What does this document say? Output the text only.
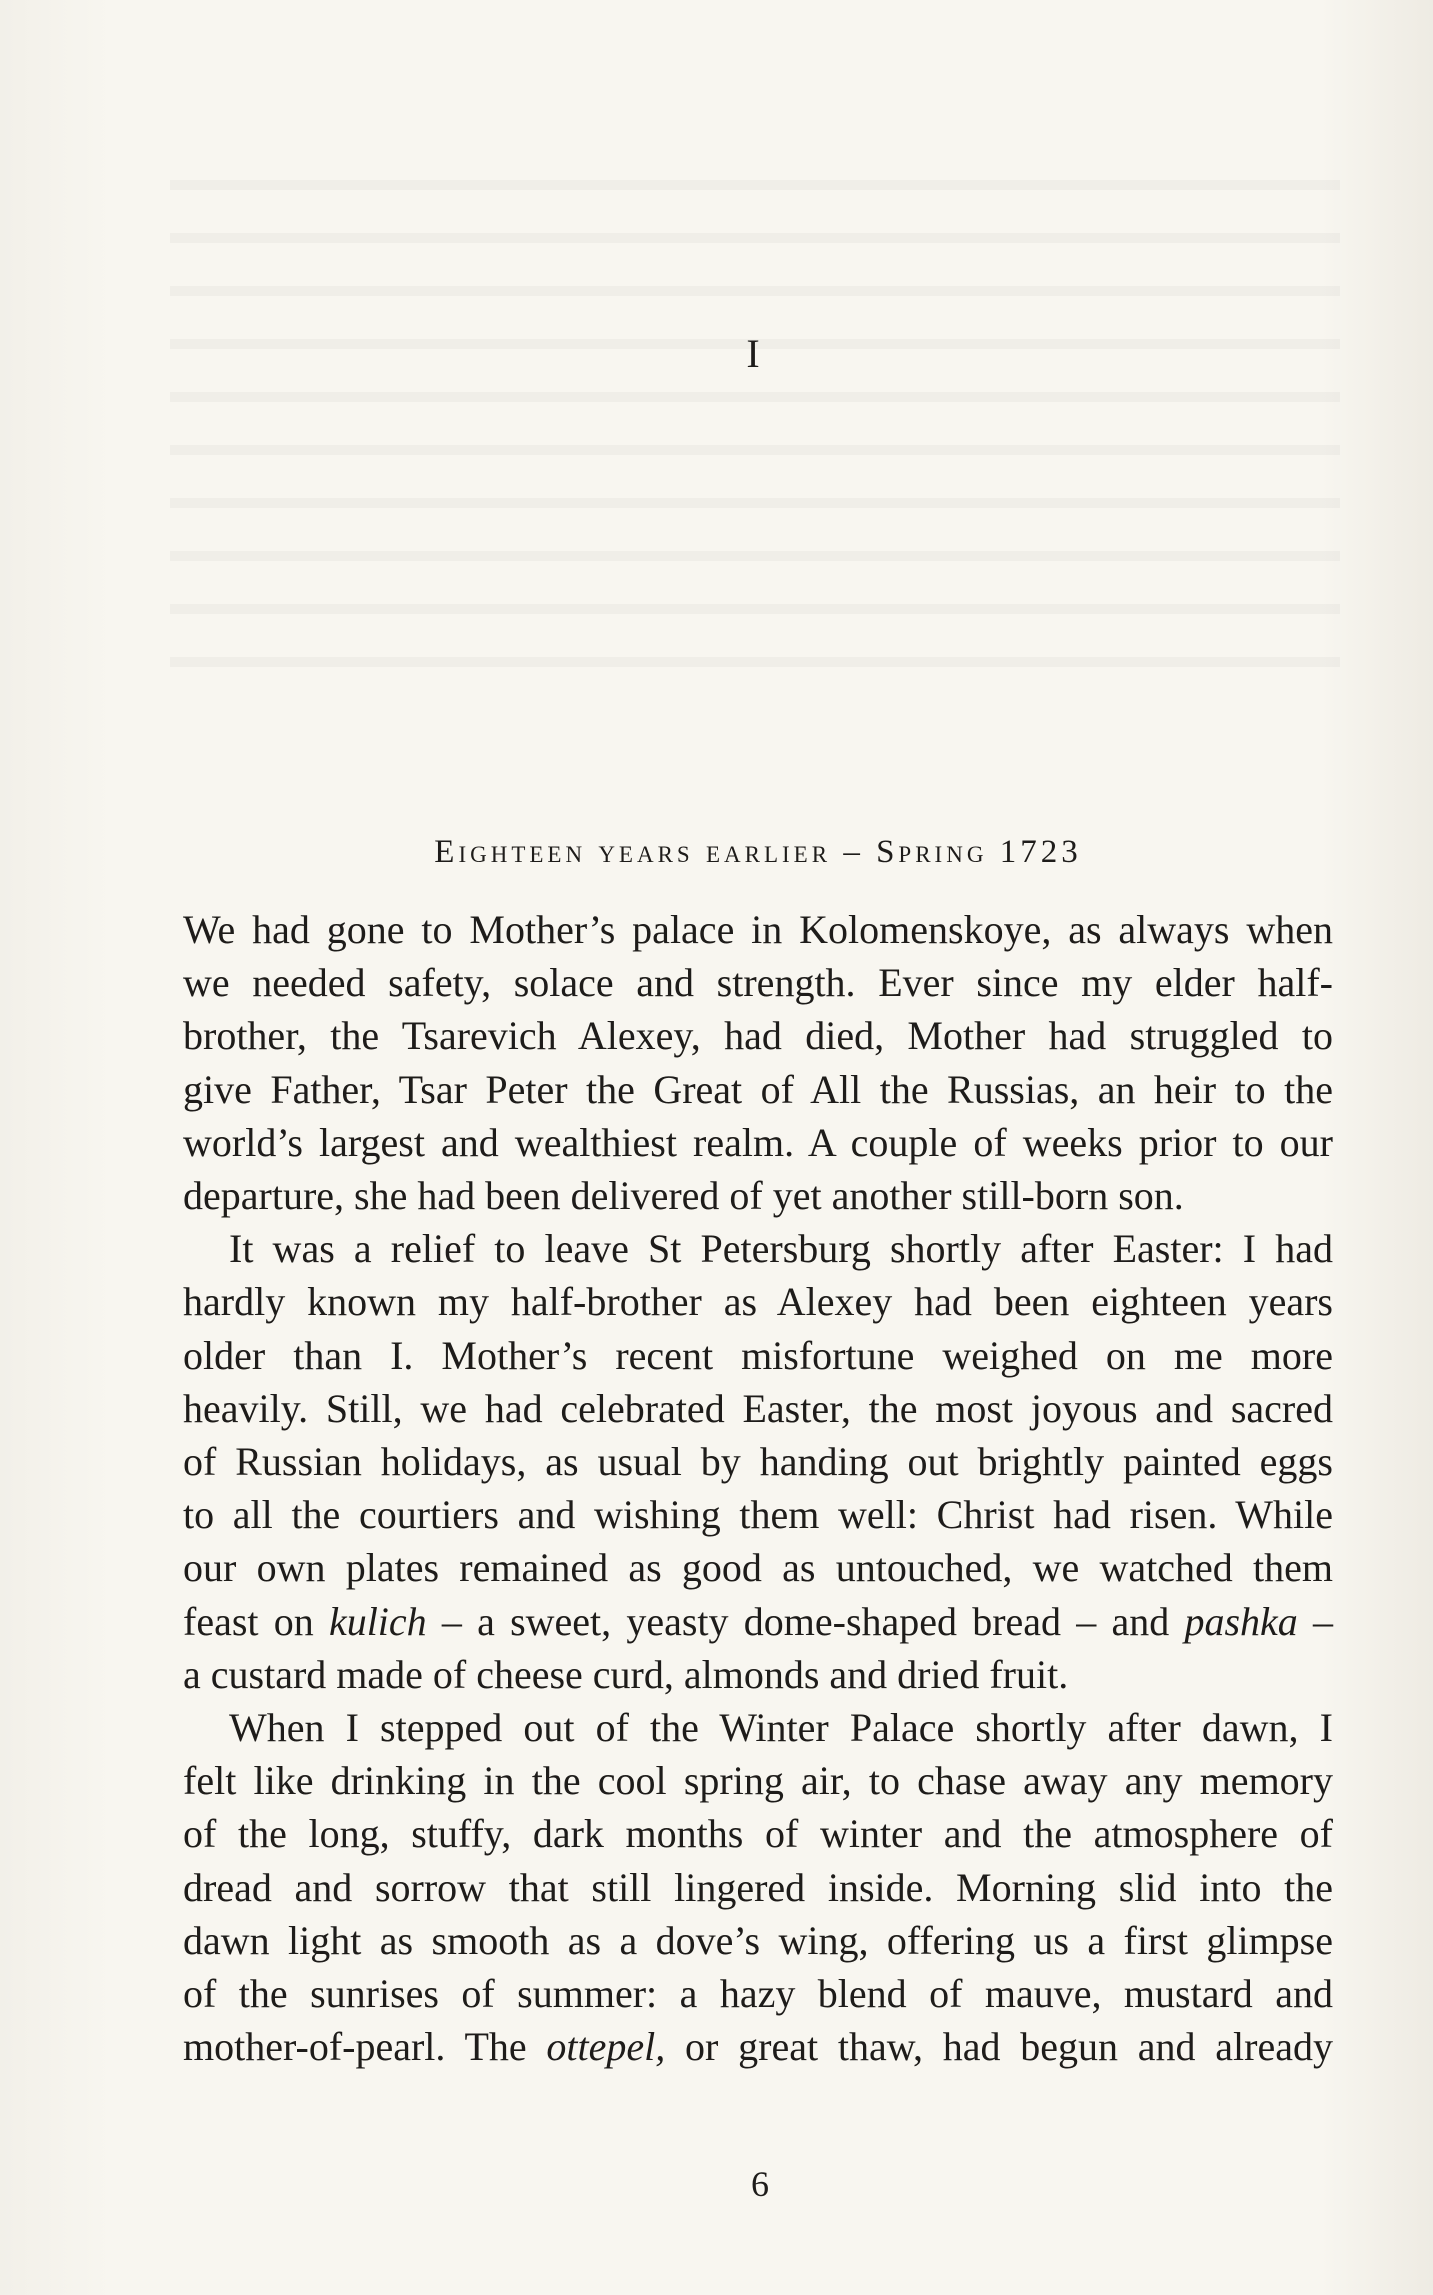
I
Eighteen years earlier – Spring 1723
We had gone to Mother’s palace in Kolomenskoye, as always when
we needed safety, solace and strength. Ever since my elder half-
brother, the Tsarevich Alexey, had died, Mother had struggled to
give Father, Tsar Peter the Great of All the Russias, an heir to the
world’s largest and wealthiest realm. A couple of weeks prior to our
departure, she had been delivered of yet another still-born son.
It was a relief to leave St Petersburg shortly after Easter: I had
hardly known my half-brother as Alexey had been eighteen years
older than I. Mother’s recent misfortune weighed on me more
heavily. Still, we had celebrated Easter, the most joyous and sacred
of Russian holidays, as usual by handing out brightly painted eggs
to all the courtiers and wishing them well: Christ had risen. While
our own plates remained as good as untouched, we watched them
feast on kulich – a sweet, yeasty dome-shaped bread – and pashka –
a custard made of cheese curd, almonds and dried fruit.
When I stepped out of the Winter Palace shortly after dawn, I
felt like drinking in the cool spring air, to chase away any memory
of the long, stuffy, dark months of winter and the atmosphere of
dread and sorrow that still lingered inside. Morning slid into the
dawn light as smooth as a dove’s wing, offering us a first glimpse
of the sunrises of summer: a hazy blend of mauve, mustard and
mother-of-pearl. The ottepel, or great thaw, had begun and already
6
